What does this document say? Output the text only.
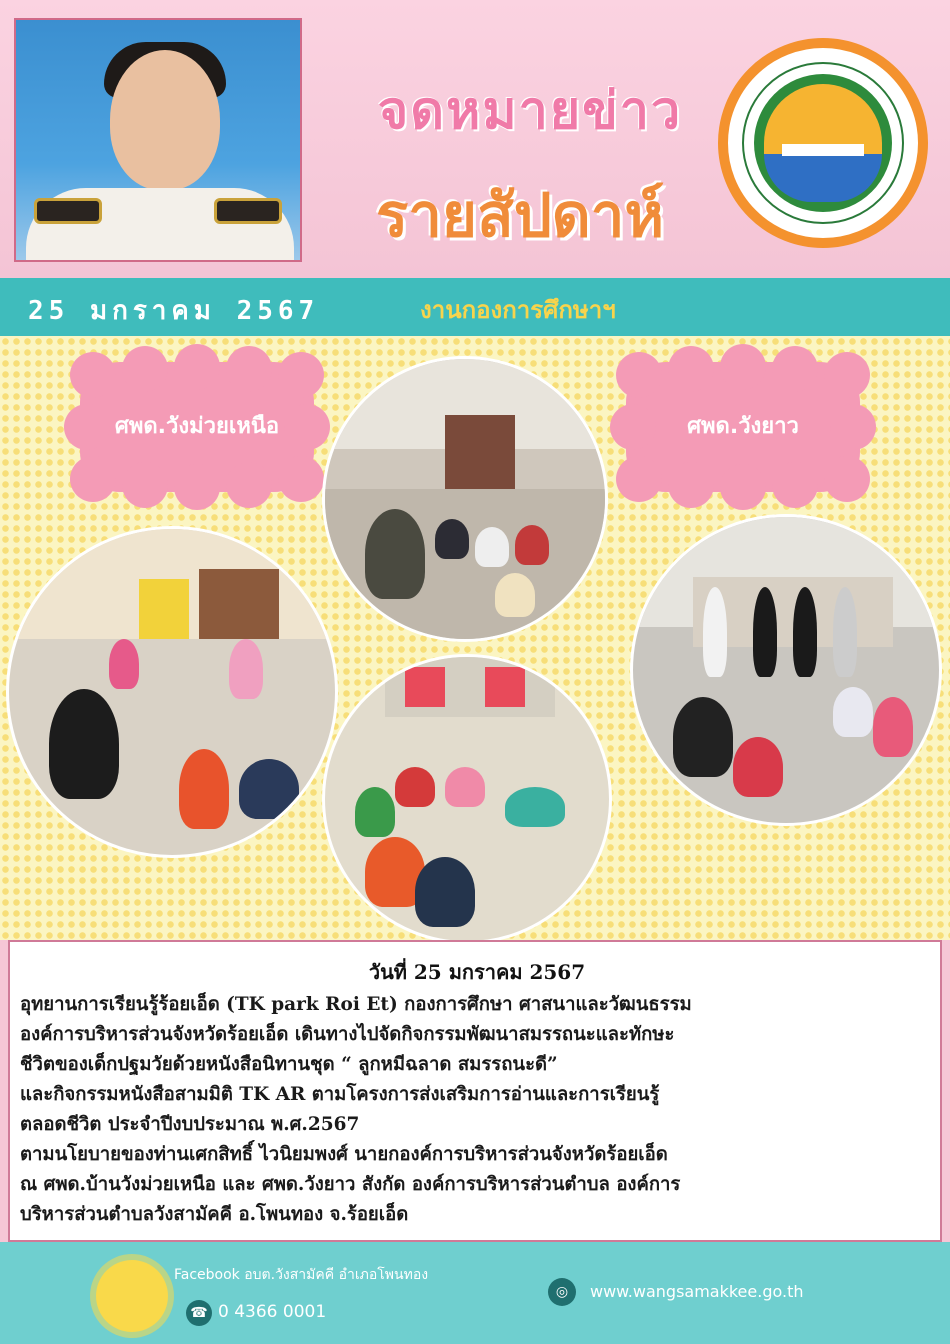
จดหมายข่าว
รายสัปดาห์
25 มกราคม 2567	งานกองการศึกษาฯ
ศพด.วังม่วยเหนือ	ศพด.วังยาว
วันที่ 25 มกราคม 2567
อุทยานการเรียนรู้ร้อยเอ็ด (TK park Roi Et) กองการศึกษา ศาสนาและวัฒนธรรม
องค์การบริหารส่วนจังหวัดร้อยเอ็ด เดินทางไปจัดกิจกรรมพัฒนาสมรรถนะและทักษะ
ชีวิตของเด็กปฐมวัยด้วยหนังสือนิทานชุด “ ลูกหมีฉลาด สมรรถนะดี”
และกิจกรรมหนังสือสามมิติ TK AR ตามโครงการส่งเสริมการอ่านและการเรียนรู้
ตลอดชีวิต ประจำปีงบประมาณ พ.ศ.2567
ตามนโยบายของท่านเศกสิทธิ์ ไวนิยมพงศ์ นายกองค์การบริหารส่วนจังหวัดร้อยเอ็ด
ณ ศพด.บ้านวังม่วยเหนือ และ ศพด.วังยาว สังกัด องค์การบริหารส่วนตำบล องค์การ
บริหารส่วนตำบลวังสามัคคี อ.โพนทอง จ.ร้อยเอ็ด
Facebook อบต.วังสามัคคี อำเภอโพนทอง
☎ 0 4366 0001
◎	www.wangsamakkee.go.th
